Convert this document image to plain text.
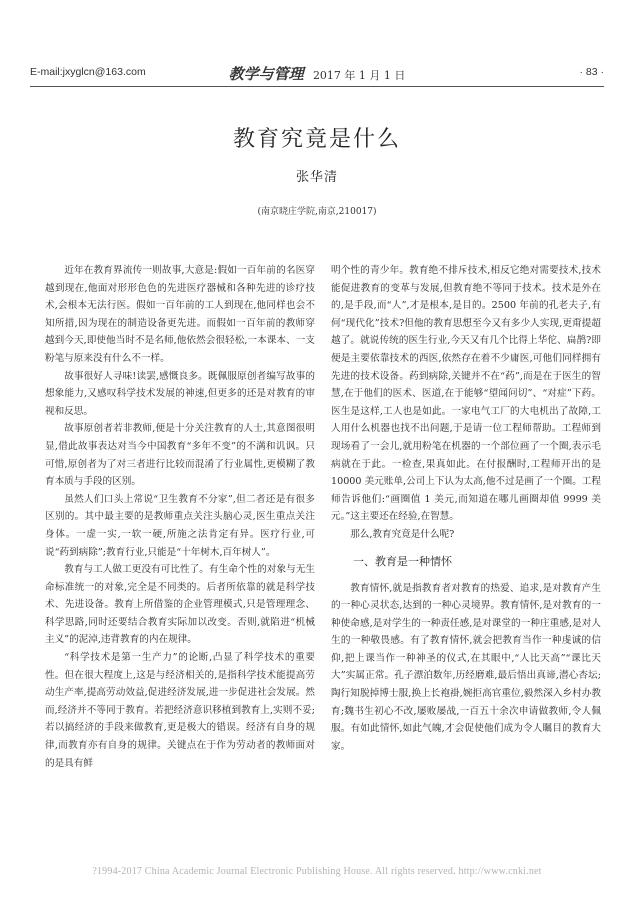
E-mail:jxyglcn@163.com	教学与管理 2017 年 1 月 1 日	· 83 ·
教育究竟是什么
张华清
(南京晓庄学院,南京,210017)

近年在教育界流传一则故事,大意是:假如一百年前的名医穿越到现在,他面对形形色色的先进医疗器械和各种先进的诊疗技术,会根本无法行医。假如一百年前的工人到现在,他同样也会不知所措,因为现在的制造设备更先进。而假如一百年前的教师穿越到今天,即使他当时不是名师,他依然会很轻松,一本课本、一支粉笔与原来没有什么不一样。

故事很好人寻味!读罢,感慨良多。既佩服原创者编写故事的想象能力,又感叹科学技术发展的神速,但更多的还是对教育的审视和反思。

故事原创者若非教师,便是十分关注教育的人士,其意图很明显,借此故事表达对当今中国教育“多年不变”的不满和讥讽。只可惜,原创者为了对三者进行比较而混淆了行业属性,更模糊了教育本质与手段的区别。

虽然人们口头上常说“卫生教育不分家”,但二者还是有很多区别的。其中最主要的是教师重点关注头脑心灵,医生重点关注身体。一虚一实,一软一硬,所施之法肯定有异。医疗行业,可说“药到病除”;教育行业,只能是“十年树木,百年树人”。

教育与工人做工更没有可比性了。有生命个性的对象与无生命标准统一的对象,完全是不同类的。后者所依靠的就是科学技术、先进设备。教育上所借鉴的企业管理模式,只是管理理念、科学思路,同时还要结合教育实际加以改变。否则,就陷进“机械主义”的泥淖,违背教育的内在规律。

“科学技术是第一生产力”的论断,凸显了科学技术的重要性。但在很大程度上,这是与经济相关的,是指科学技术能提高劳动生产率,提高劳动效益,促进经济发展,进一步促进社会发展。然而,经济并不等同于教育。若把经济意识移植到教育上,实则不妥;若以搞经济的手段来做教育,更是极大的错误。经济有自身的规律,而教育亦有自身的规律。关键点在于作为劳动者的教师面对的是具有鲜

明个性的青少年。教育绝不排斥技术,相反它绝对需要技术,技术能促进教育的变革与发展,但教育绝不等同于技术。技术是外在的,是手段,而“人”,才是根本,是目的。2500 年前的孔老夫子,有何“现代化”技术?但他的教育思想至今又有多少人实现,更甭提超越了。就说传统的医生行业,今天又有几个比得上华佗、扁鹊?即便是主要依靠技术的西医,依然存在着不少庸医,可他们同样拥有先进的技术设备。药到病除,关键并不在“药”,而是在于医生的智慧,在于他们的医术、医道,在于能够“望闻问切”、“对症”下药。医生是这样,工人也是如此。一家电气工厂的大电机出了故障,工人用什么机器也找不出问题,于是请一位工程师帮助。工程师到现场看了一会儿,就用粉笔在机器的一个部位画了一个圈,表示毛病就在于此。一检查,果真如此。在付报酬时,工程师开出的是 10000 美元账单,公司上下认为太高,他不过是画了一个圈。工程师告诉他们:“画圈值 1 美元,而知道在哪儿画圈却值 9999 美元。”这主要还在经验,在智慧。

那么,教育究竟是什么呢?

一、教育是一种情怀

教育情怀,就是指教育者对教育的热爱、追求,是对教育产生的一种心灵状态,达到的一种心灵境界。教育情怀,是对教育的一种使命感,是对学生的一种责任感,是对课堂的一种庄重感,是对人生的一种敬畏感。有了教育情怀,就会把教育当作一种虔诚的信仰,把上课当作一种神圣的仪式,在其眼中,“人比天高”“课比天大”实属正常。孔子漂泊数年,历经磨难,最后悟出真谛,潜心杏坛;陶行知脱掉博士服,换上长袍褂,婉拒高官重位,毅然深入乡村办教育;魏书生初心不改,屡败屡战,一百五十余次申请做教师,令人佩服。有如此情怀,如此气魄,才会促使他们成为令人瞩目的教育大家。

?1994-2017 China Academic Journal Electronic Publishing House. All rights reserved. http://www.cnki.net
